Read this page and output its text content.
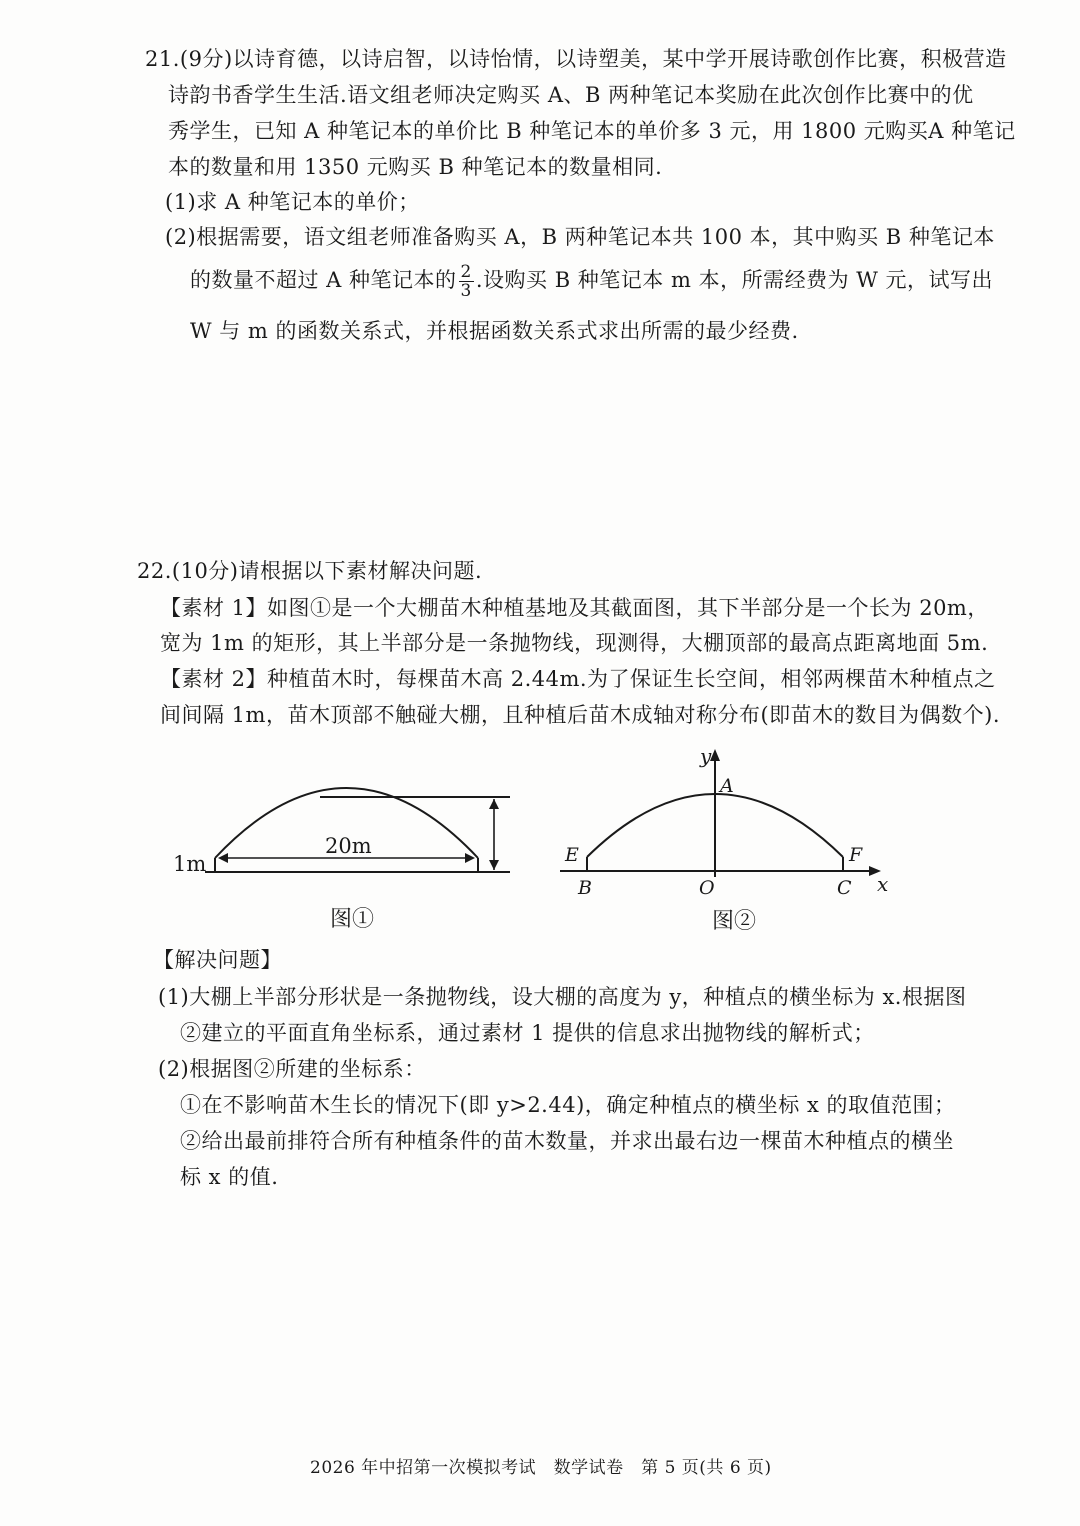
21.(9分)以诗育德，以诗启智，以诗怡情，以诗塑美，某中学开展诗歌创作比赛，积极营造
诗韵书香学生生活.语文组老师决定购买 A、B 两种笔记本奖励在此次创作比赛中的优
秀学生，已知 A 种笔记本的单价比 B 种笔记本的单价多 3 元，用 1800 元购买A 种笔记
本的数量和用 1350 元购买 B 种笔记本的数量相同.
(1)求 A 种笔记本的单价；
(2)根据需要，语文组老师准备购买 A，B 两种笔记本共 100 本，其中购买 B 种笔记本
的数量不超过 A 种笔记本的 $\frac{2}{3}$ .设购买 B 种笔记本 m 本，所需经费为 W 元，试写出
W 与 m 的函数关系式，并根据函数关系式求出所需的最少经费.
22.(10分)请根据以下素材解决问题.
【素材 1】如图①是一个大棚苗木种植基地及其截面图，其下半部分是一个长为 20m，
宽为 1m 的矩形，其上半部分是一条抛物线，现测得，大棚顶部的最高点距离地面 5m.
【素材 2】种植苗木时，每棵苗木高 2.44m.为了保证生长空间，相邻两棵苗木种植点之
间间隔 1m，苗木顶部不触碰大棚，且种植后苗木成轴对称分布(即苗木的数目为偶数个).
20m
1m
图①
y
x
A
E	F
B	O	C
图②
【解决问题】
(1)大棚上半部分形状是一条抛物线，设大棚的高度为 y，种植点的横坐标为 x.根据图
②建立的平面直角坐标系，通过素材 1 提供的信息求出抛物线的解析式；
(2)根据图②所建的坐标系：
①在不影响苗木生长的情况下(即 y>2.44)，确定种植点的横坐标 x 的取值范围；
②给出最前排符合所有种植条件的苗木数量，并求出最右边一棵苗木种植点的横坐
标 x 的值.
2026 年中招第一次模拟考试　数学试卷　第 5 页(共 6 页)
